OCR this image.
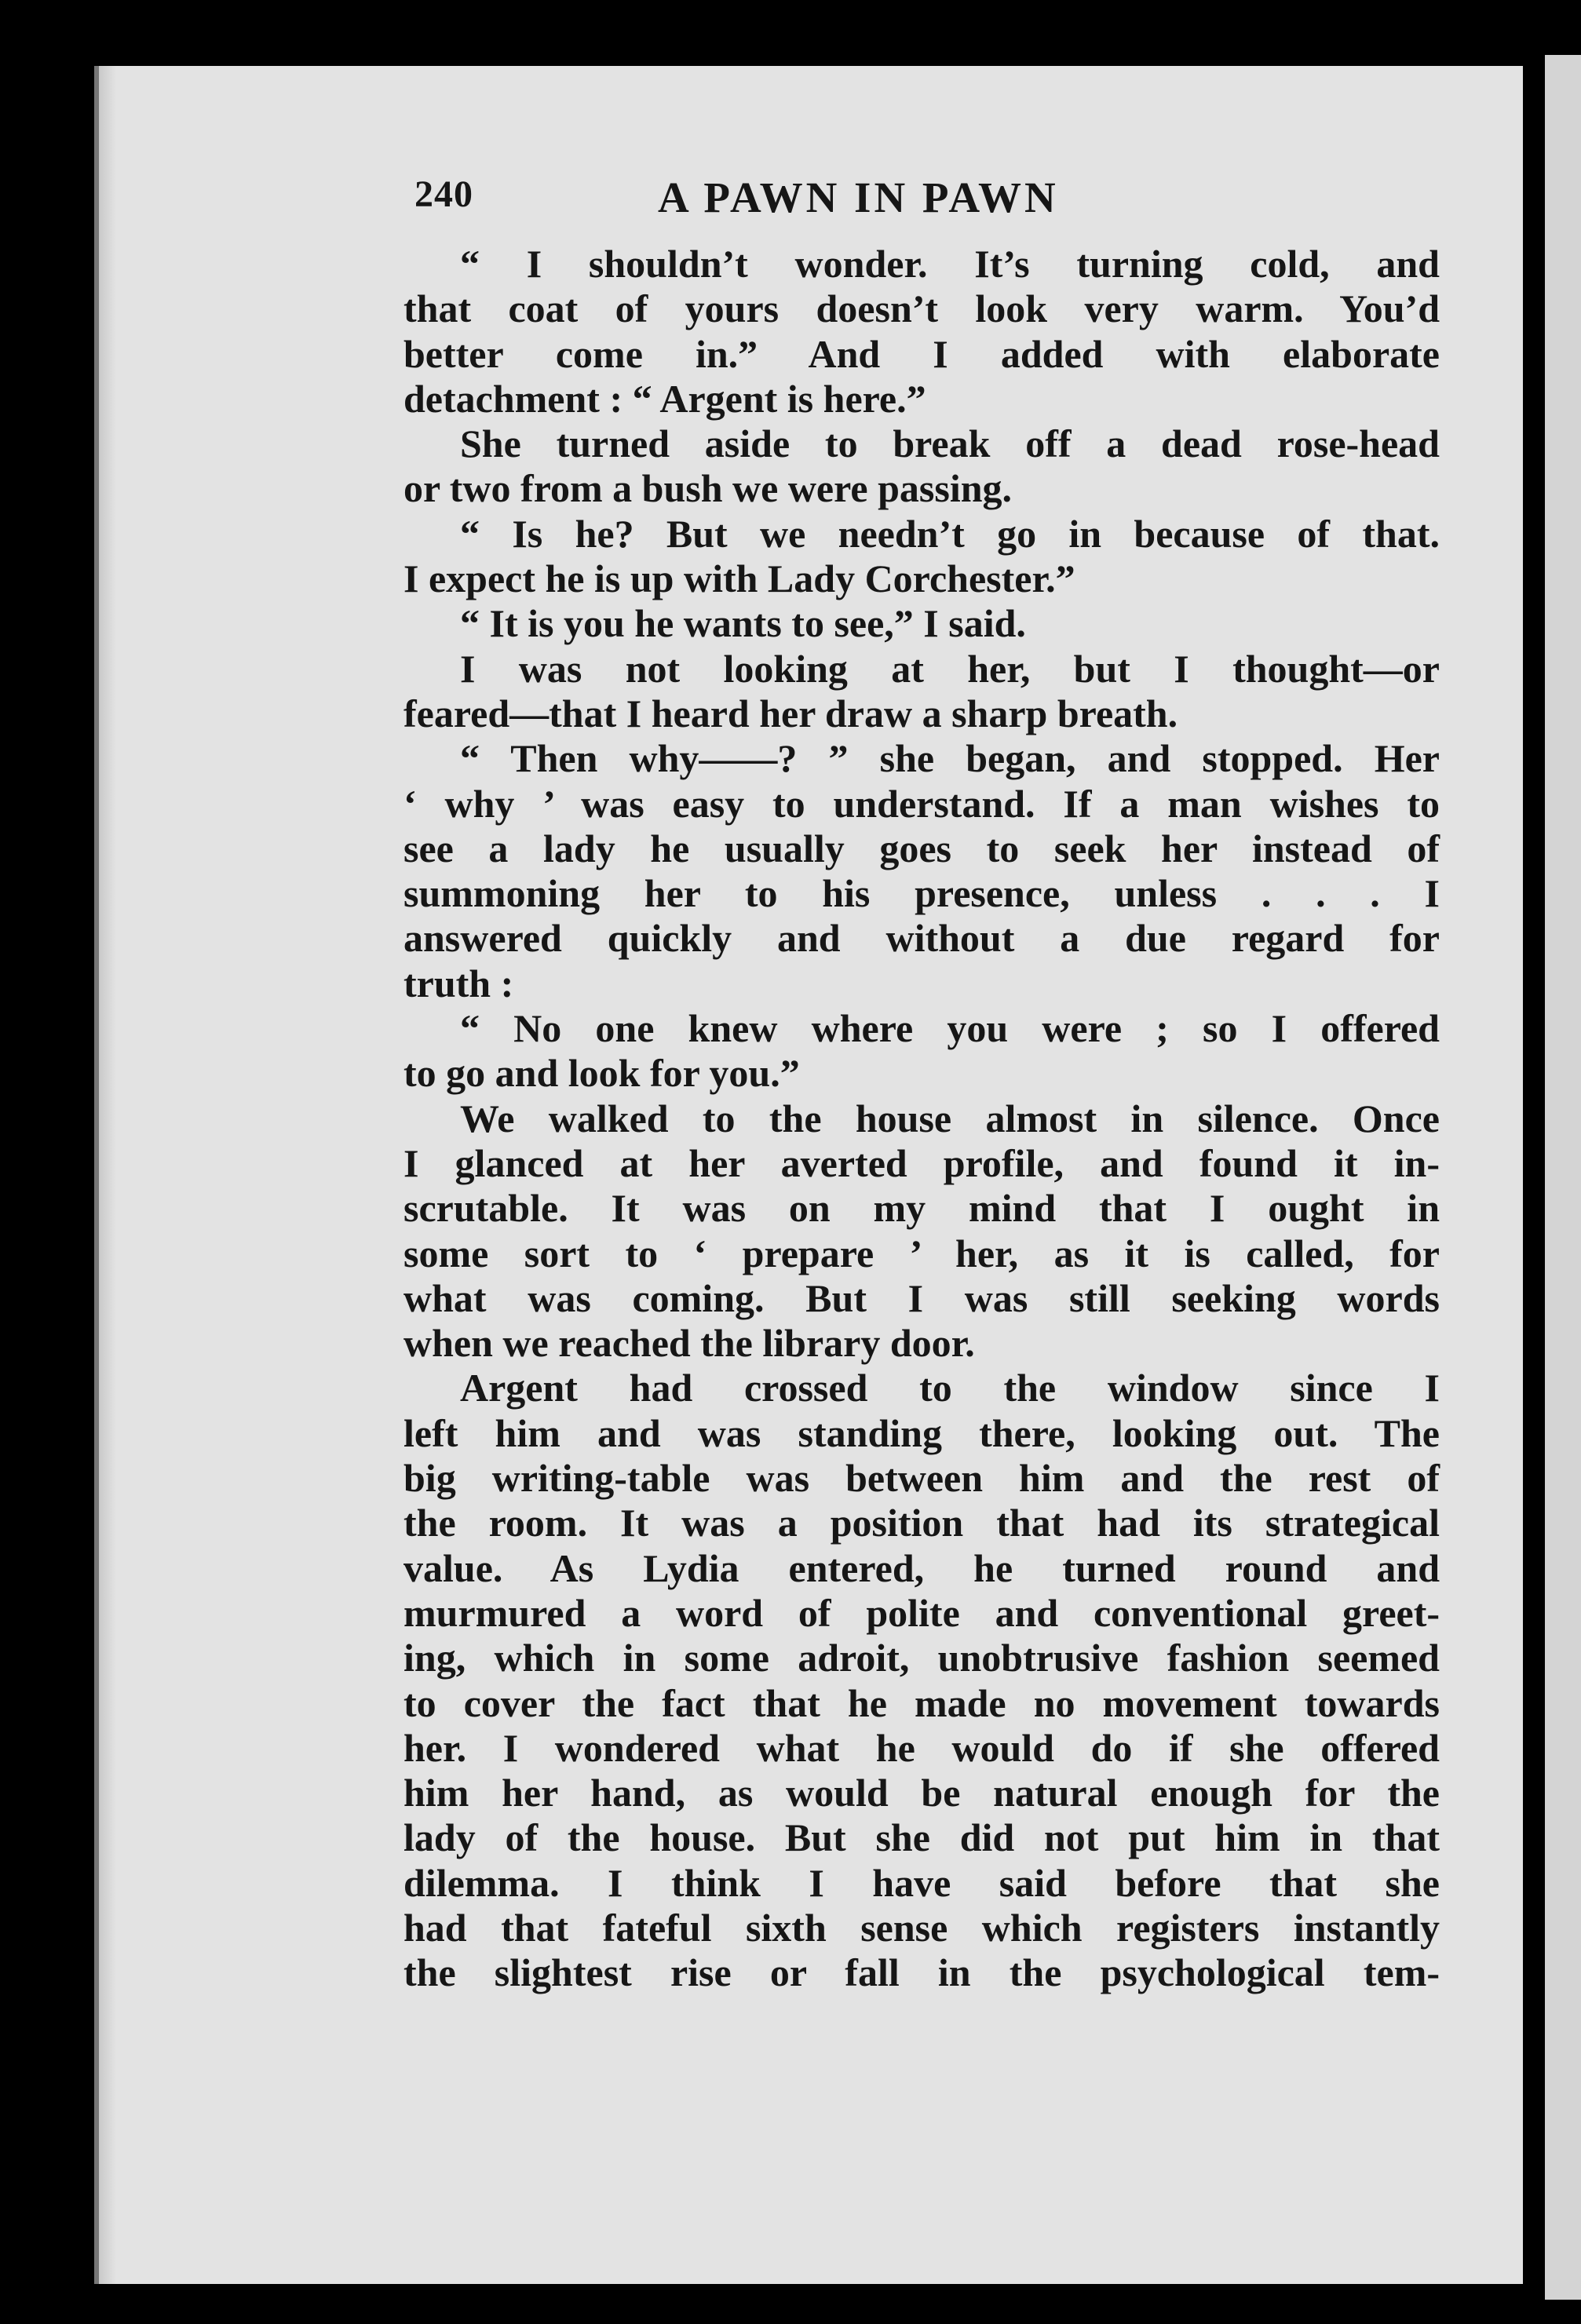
240	A PAWN IN PAWN
“ I shouldn’t wonder. It’s turning cold, and
that coat of yours doesn’t look very warm. You’d
better come in.” And I added with elaborate
detachment : “ Argent is here.”
She turned aside to break off a dead rose-head
or two from a bush we were passing.
“ Is he? But we needn’t go in because of that.
I expect he is up with Lady Corchester.”
“ It is you he wants to see,” I said.
I was not looking at her, but I thought—or
feared—that I heard her draw a sharp breath.
“ Then why——? ” she began, and stopped. Her
‘ why ’ was easy to understand. If a man wishes to
see a lady he usually goes to seek her instead of
summoning her to his presence, unless . . . I
answered quickly and without a due regard for
truth :
“ No one knew where you were ; so I offered
to go and look for you.”
We walked to the house almost in silence. Once
I glanced at her averted profile, and found it in-
scrutable. It was on my mind that I ought in
some sort to ‘ prepare ’ her, as it is called, for
what was coming. But I was still seeking words
when we reached the library door.
Argent had crossed to the window since I
left him and was standing there, looking out. The
big writing-table was between him and the rest of
the room. It was a position that had its strategical
value. As Lydia entered, he turned round and
murmured a word of polite and conventional greet-
ing, which in some adroit, unobtrusive fashion seemed
to cover the fact that he made no movement towards
her. I wondered what he would do if she offered
him her hand, as would be natural enough for the
lady of the house. But she did not put him in that
dilemma. I think I have said before that she
had that fateful sixth sense which registers instantly
the slightest rise or fall in the psychological tem-
